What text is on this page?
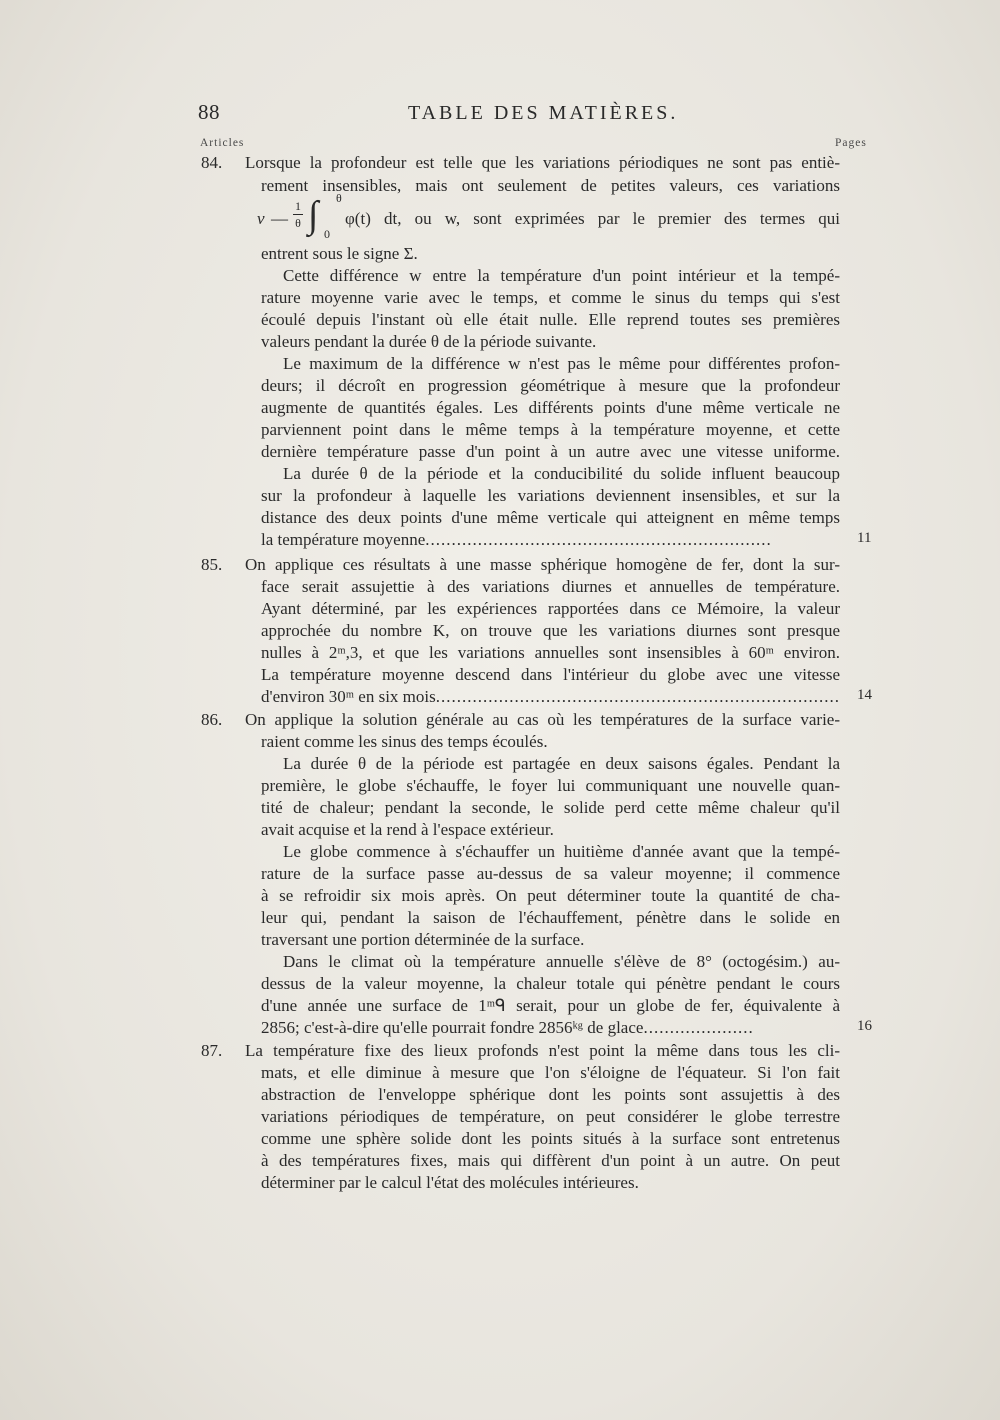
88	TABLE DES MATIÈRES.
Articles	Pages
84. Lorsque la profondeur est telle que les variations périodiques ne sont pas entiè-
rement insensibles, mais ont seulement de petites valeurs, ces variations
v —
1
θ ∫ θ
0
φ(t) dt, ou w, sont exprimées par le premier des termes qui
entrent sous le signe Σ.
Cette différence w entre la température d'un point intérieur et la tempé-
rature moyenne varie avec le temps, et comme le sinus du temps qui s'est
écoulé depuis l'instant où elle était nulle. Elle reprend toutes ses premières
valeurs pendant la durée θ de la période suivante.
Le maximum de la différence w n'est pas le même pour différentes profon-
deurs; il décroît en progression géométrique à mesure que la profondeur
augmente de quantités égales. Les différents points d'une même verticale ne
parviennent point dans le même temps à la température moyenne, et cette
dernière température passe d'un point à un autre avec une vitesse uniforme.
La durée θ de la période et la conducibilité du solide influent beaucoup
sur la profondeur à laquelle les variations deviennent insensibles, et sur la
distance des deux points d'une même verticale qui atteignent en même temps
la température moyenne..................................................................	11
85. On applique ces résultats à une masse sphérique homogène de fer, dont la sur-
face serait assujettie à des variations diurnes et annuelles de température.
Ayant déterminé, par les expériences rapportées dans ce Mémoire, la valeur
approchée du nombre K, on trouve que les variations diurnes sont presque
nulles à 2ᵐ,3, et que les variations annuelles sont insensibles à 60ᵐ environ.
La température moyenne descend dans l'intérieur du globe avec une vitesse
d'environ 30ᵐ en six mois............................................................................. 14
86. On applique la solution générale au cas où les températures de la surface varie-
raient comme les sinus des temps écoulés.
La durée θ de la période est partagée en deux saisons égales. Pendant la
première, le globe s'échauffe, le foyer lui communiquant une nouvelle quan-
tité de chaleur; pendant la seconde, le solide perd cette même chaleur qu'il
avait acquise et la rend à l'espace extérieur.
Le globe commence à s'échauffer un huitième d'année avant que la tempé-
rature de la surface passe au-dessus de sa valeur moyenne; il commence
à se refroidir six mois après. On peut déterminer toute la quantité de cha-
leur qui, pendant la saison de l'échauffement, pénètre dans le solide en
traversant une portion déterminée de la surface.
Dans le climat où la température annuelle s'élève de 8° (octogésim.) au-
dessus de la valeur moyenne, la chaleur totale qui pénètre pendant le cours
d'une année une surface de 1ᵐᑫ serait, pour un globe de fer, équivalente à
2856; c'est-à-dire qu'elle pourrait fondre 2856ᵏᵍ de glace.....................	16
87. La température fixe des lieux profonds n'est point la même dans tous les cli-
mats, et elle diminue à mesure que l'on s'éloigne de l'équateur. Si l'on fait
abstraction de l'enveloppe sphérique dont les points sont assujettis à des
variations périodiques de température, on peut considérer le globe terrestre
comme une sphère solide dont les points situés à la surface sont entretenus
à des températures fixes, mais qui diffèrent d'un point à un autre. On peut
déterminer par le calcul l'état des molécules intérieures.
